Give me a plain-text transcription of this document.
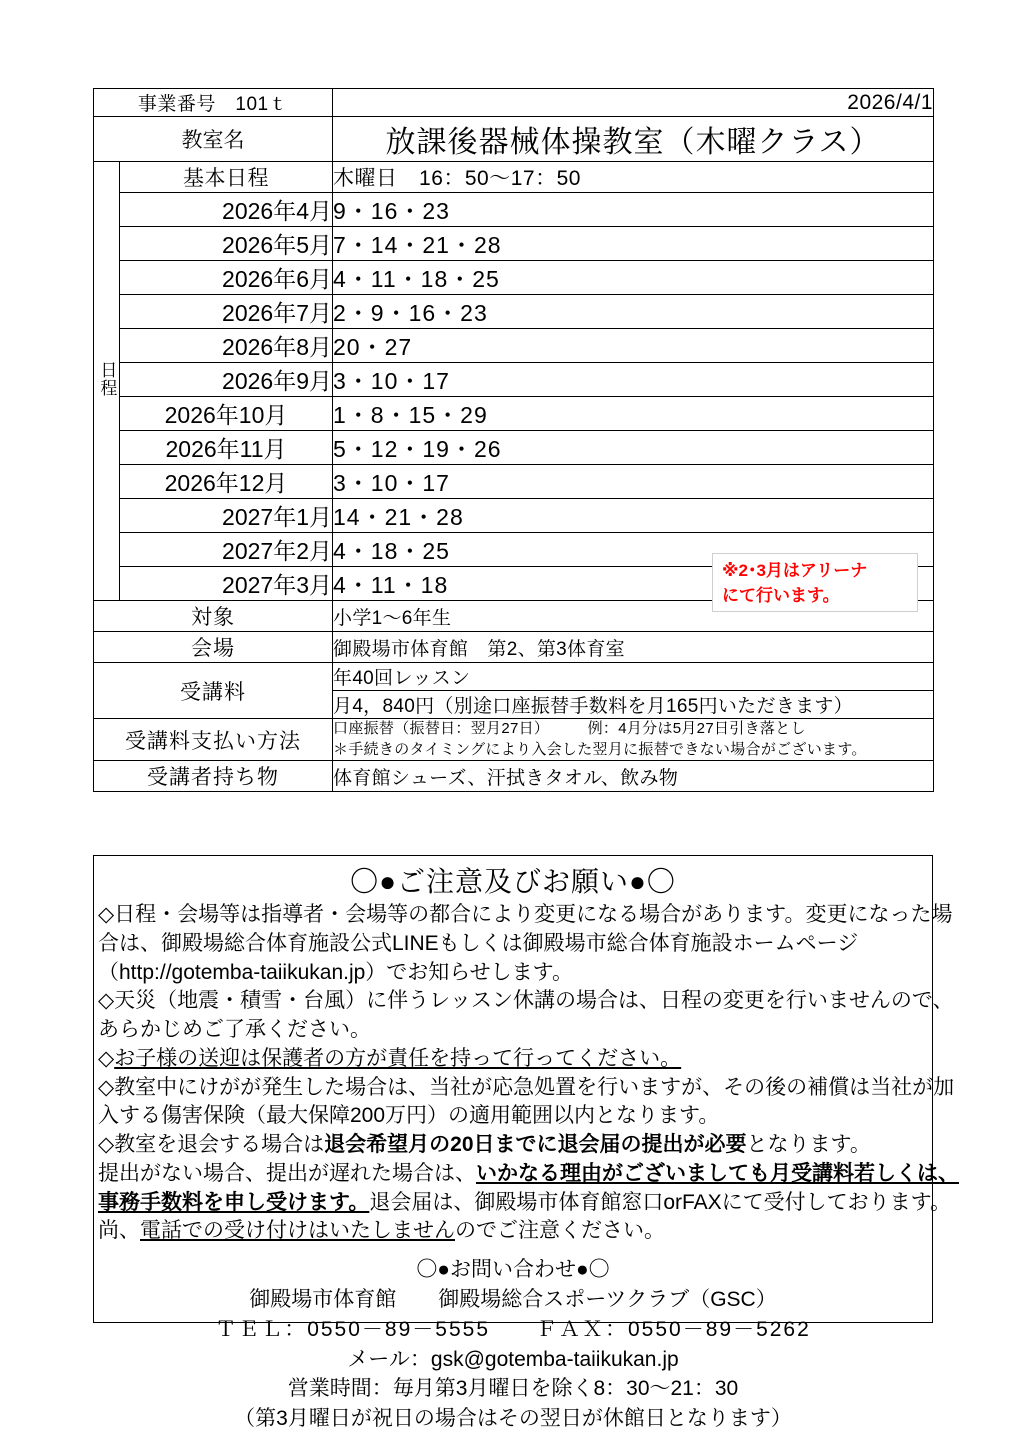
事業番号　101ｔ		2026/4/1
教室名		放課後器械体操教室（木曜クラス）
日程	基本日程	木曜日　16：50～17：50
	2026年4月	9・16・23
	2026年5月	7・14・21・28
	2026年6月	4・11・18・25
	2026年7月	2・9・16・23
	2026年8月	20・27
	2026年9月	3・10・17
	2026年10月	1・8・15・29
	2026年11月	5・12・19・26
	2026年12月	3・10・17
	2027年1月	14・21・28
	2027年2月	4・18・25
	2027年3月	4・11・18
対象		小学1～6年生
会場		御殿場市体育館　第2、第3体育室
受講料		年40回レッスン
		月4，840円（別途口座振替手数料を月165円いただきます）
受講料支払い方法		口座振替（振替日：翌月27日）　　　例：4月分は5月27日引き落とし
＊手続きのタイミングにより入会した翌月に振替できない場合がございます。

受講者持ち物		体育館シューズ、汗拭きタオル、飲み物
※2･3月はアリーナ
にて行います。
〇●ご注意及びお願い●〇
◇日程・会場等は指導者・会場等の都合により変更になる場合があります。変更になった場
合は、御殿場総合体育施設公式LINEもしくは御殿場市総合体育施設ホームページ
（http://gotemba-taiikukan.jp）でお知らせします。
◇天災（地震・積雪・台風）に伴うレッスン休講の場合は、日程の変更を行いませんので、
あらかじめご了承ください。
◇お子様の送迎は保護者の方が責任を持って行ってください。
◇教室中にけがが発生した場合は、当社が応急処置を行いますが、その後の補償は当社が加
入する傷害保険（最大保障200万円）の適用範囲以内となります。
◇教室を退会する場合は退会希望月の20日までに退会届の提出が必要となります。
提出がない場合、提出が遅れた場合は、いかなる理由がございましても月受講料若しくは、
事務手数料を申し受けます。退会届は、御殿場市体育館窓口orFAXにて受付しております。
尚、電話での受け付けはいたしませんのでご注意ください。
〇●お問い合わせ●〇
御殿場市体育館　　御殿場総合スポーツクラブ（GSC）
ＴＥＬ：0550－89－5555　　ＦＡＸ：0550－89－5262
メール：gsk@gotemba-taiikukan.jp
営業時間：毎月第3月曜日を除く8：30～21：30
（第3月曜日が祝日の場合はその翌日が休館日となります）
